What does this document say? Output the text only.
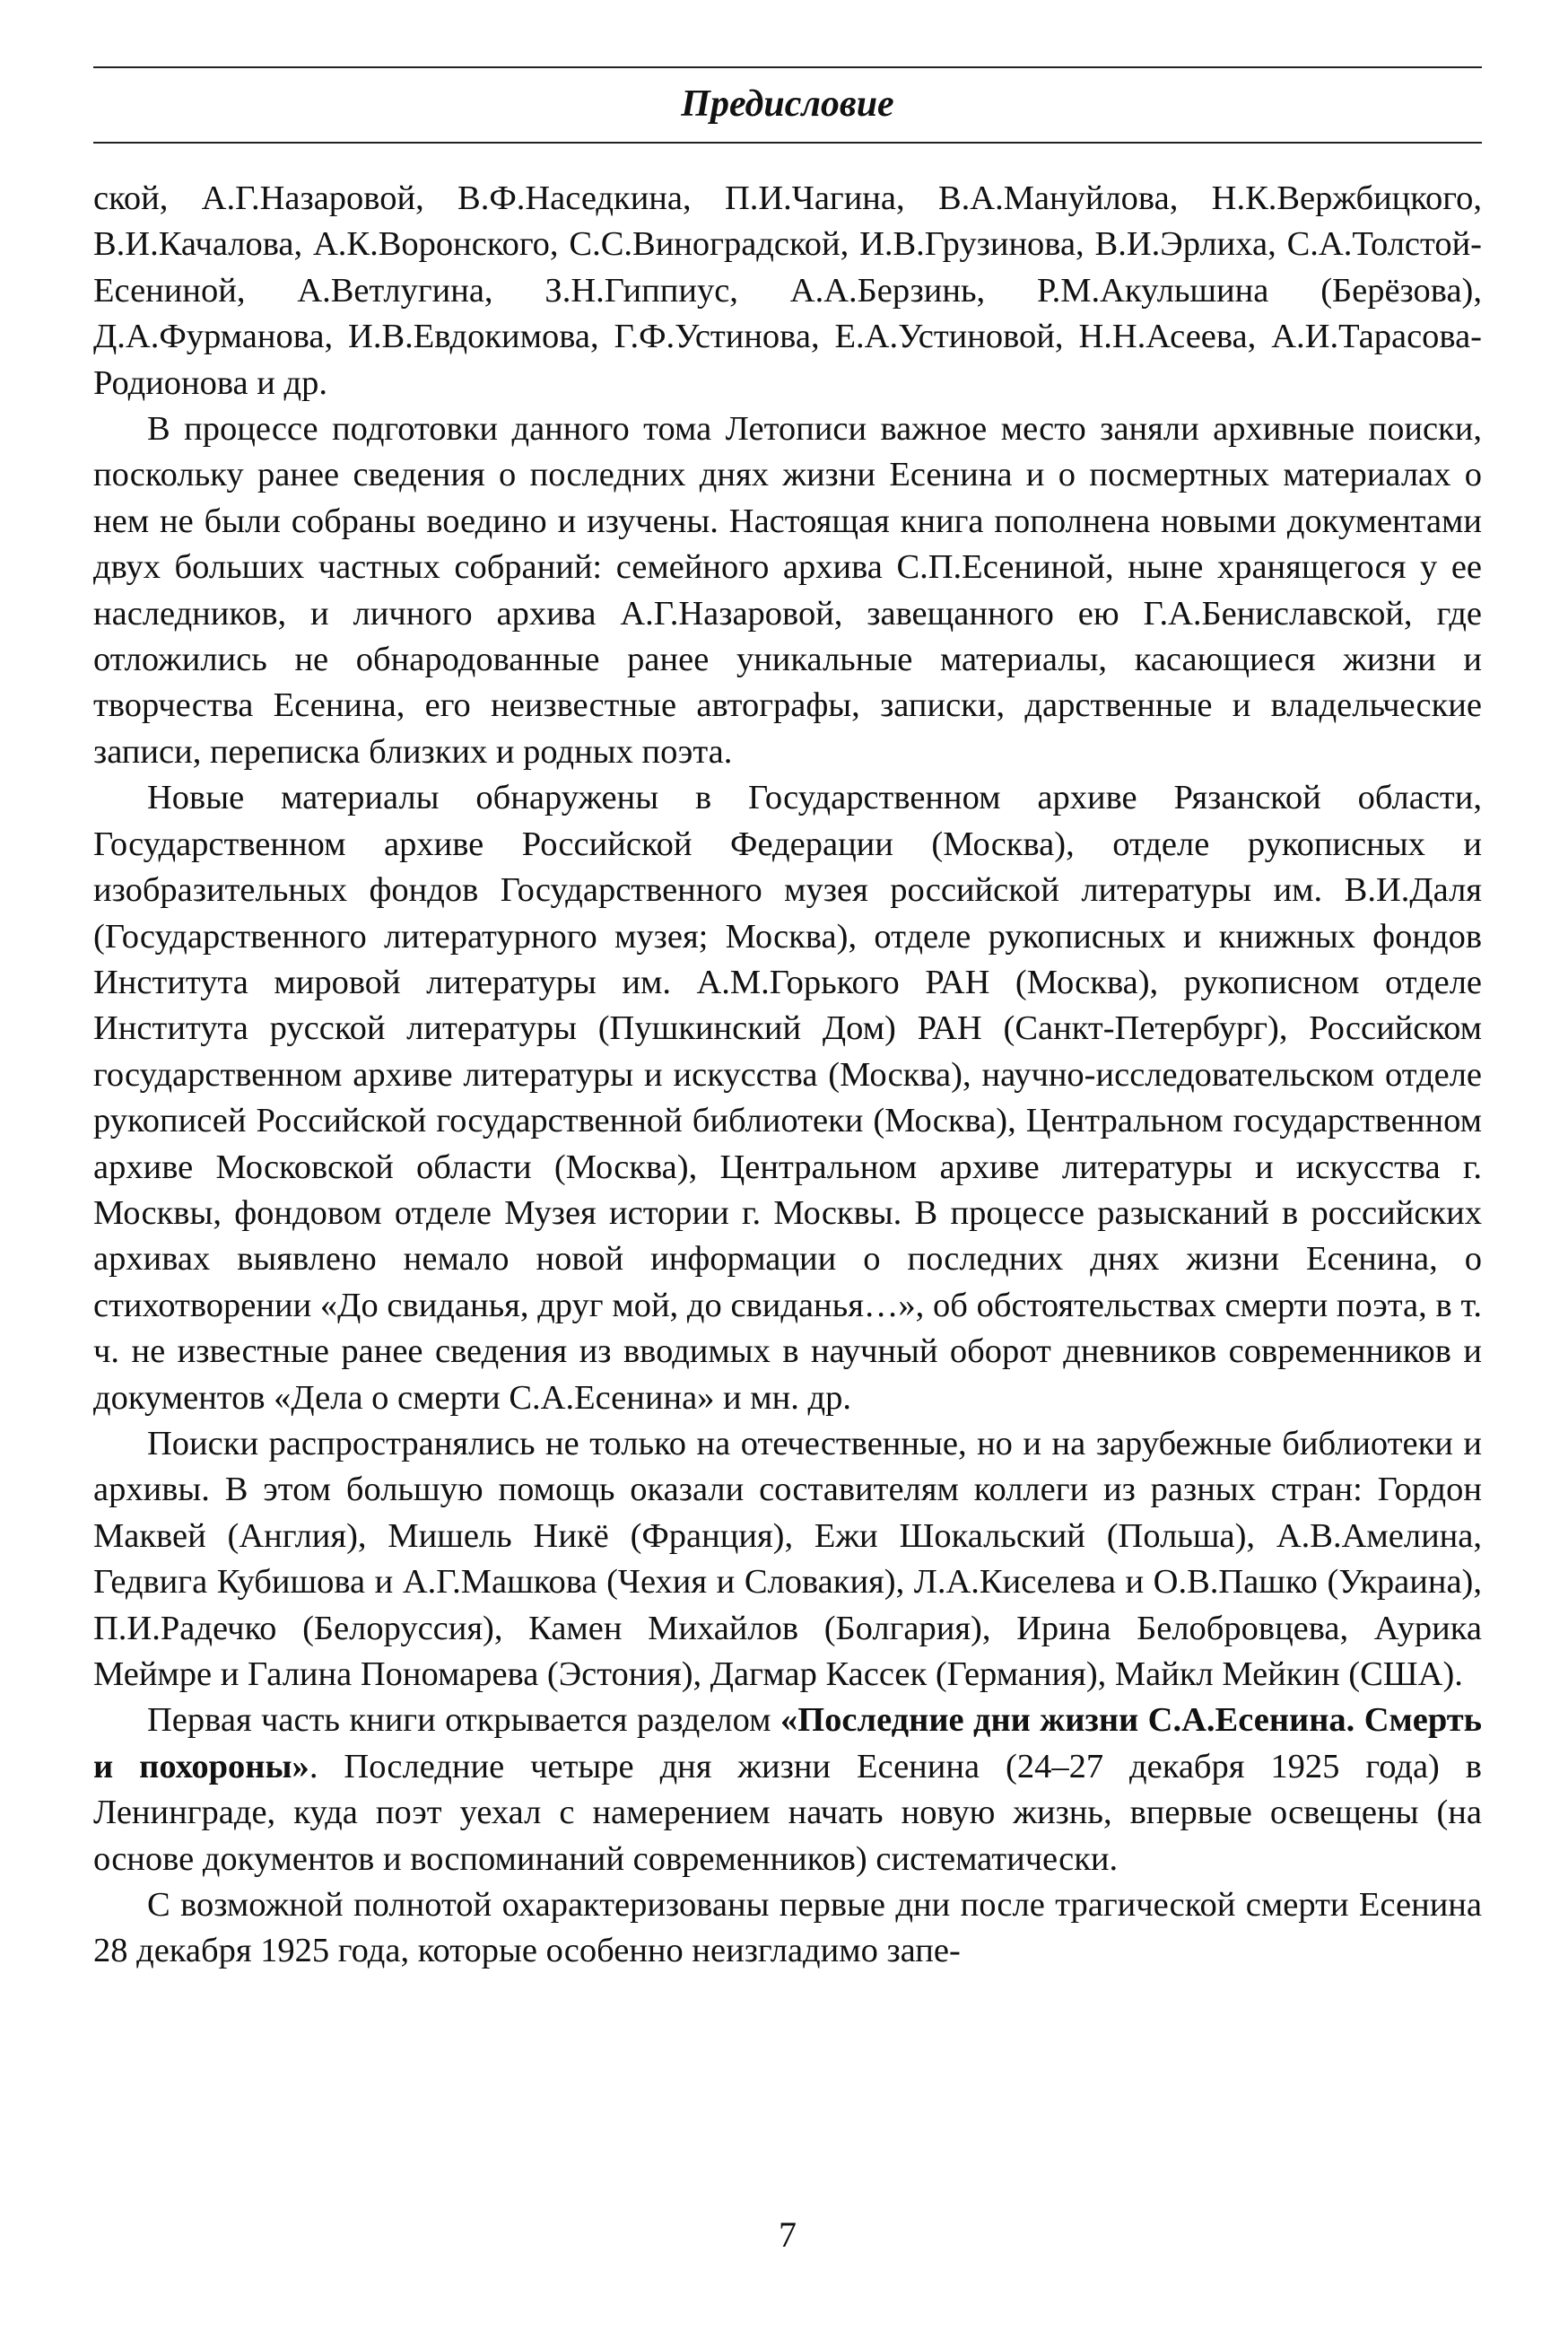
Предисловие

ской, А.Г.Назаровой, В.Ф.Наседкина, П.И.Чагина, В.А.Мануйлова, Н.К.Вержбицкого, В.И.Качалова, А.К.Воронского, С.С.Виноградской, И.В.Грузинова, В.И.Эрлиха, С.А.Толстой-Есениной, А.Ветлугина, З.Н.Гиппиус, А.А.Берзинь, Р.М.Акульшина (Берёзова), Д.А.Фурманова, И.В.Евдокимова, Г.Ф.Устинова, Е.А.Устиновой, Н.Н.Асеева, А.И.Тарасова-Родионова и др.

В процессе подготовки данного тома Летописи важное место заняли архивные поиски, поскольку ранее сведения о последних днях жизни Есенина и о посмертных материалах о нем не были собраны воедино и изучены. Настоящая книга пополнена новыми документами двух больших частных собраний: семейного архива С.П.Есениной, ныне хранящегося у ее наследников, и личного архива А.Г.Назаровой, завещанного ею Г.А.Бениславской, где отложились не обнародованные ранее уникальные материалы, касающиеся жизни и творчества Есенина, его неизвестные автографы, записки, дарственные и владельческие записи, переписка близких и родных поэта.

Новые материалы обнаружены в Государственном архиве Рязанской области, Государственном архиве Российской Федерации (Москва), отделе рукописных и изобразительных фондов Государственного музея российской литературы им. В.И.Даля (Государственного литературного музея; Москва), отделе рукописных и книжных фондов Института мировой литературы им. А.М.Горького РАН (Москва), рукописном отделе Института русской литературы (Пушкинский Дом) РАН (Санкт-Петербург), Российском государственном архиве литературы и искусства (Москва), научно-исследовательском отделе рукописей Российской государственной библиотеки (Москва), Центральном государственном архиве Московской области (Москва), Центральном архиве литературы и искусства г. Москвы, фондовом отделе Музея истории г. Москвы. В процессе разысканий в российских архивах выявлено немало новой информации о последних днях жизни Есенина, о стихотворении «До свиданья, друг мой, до свиданья…», об обстоятельствах смерти поэта, в т. ч. не известные ранее сведения из вводимых в научный оборот дневников современников и документов «Дела о смерти С.А.Есенина» и мн. др.

Поиски распространялись не только на отечественные, но и на зарубежные библиотеки и архивы. В этом большую помощь оказали составителям коллеги из разных стран: Гордон Маквей (Англия), Мишель Никё (Франция), Ежи Шокальский (Польша), А.В.Амелина, Гедвига Кубишова и А.Г.Машкова (Чехия и Словакия), Л.А.Киселева и О.В.Пашко (Украина), П.И.Радечко (Белоруссия), Камен Михайлов (Болгария), Ирина Белобровцева, Аурика Меймре и Галина Пономарева (Эстония), Дагмар Кассек (Германия), Майкл Мейкин (США).

Первая часть книги открывается разделом «Последние дни жизни С.А.Есенина. Смерть и похороны». Последние четыре дня жизни Есенина (24–27 декабря 1925 года) в Ленинграде, куда поэт уехал с намерением начать новую жизнь, впервые освещены (на основе документов и воспоминаний современников) систематически.

С возможной полнотой охарактеризованы первые дни после трагической смерти Есенина 28 декабря 1925 года, которые особенно неизгладимо запе-

7
